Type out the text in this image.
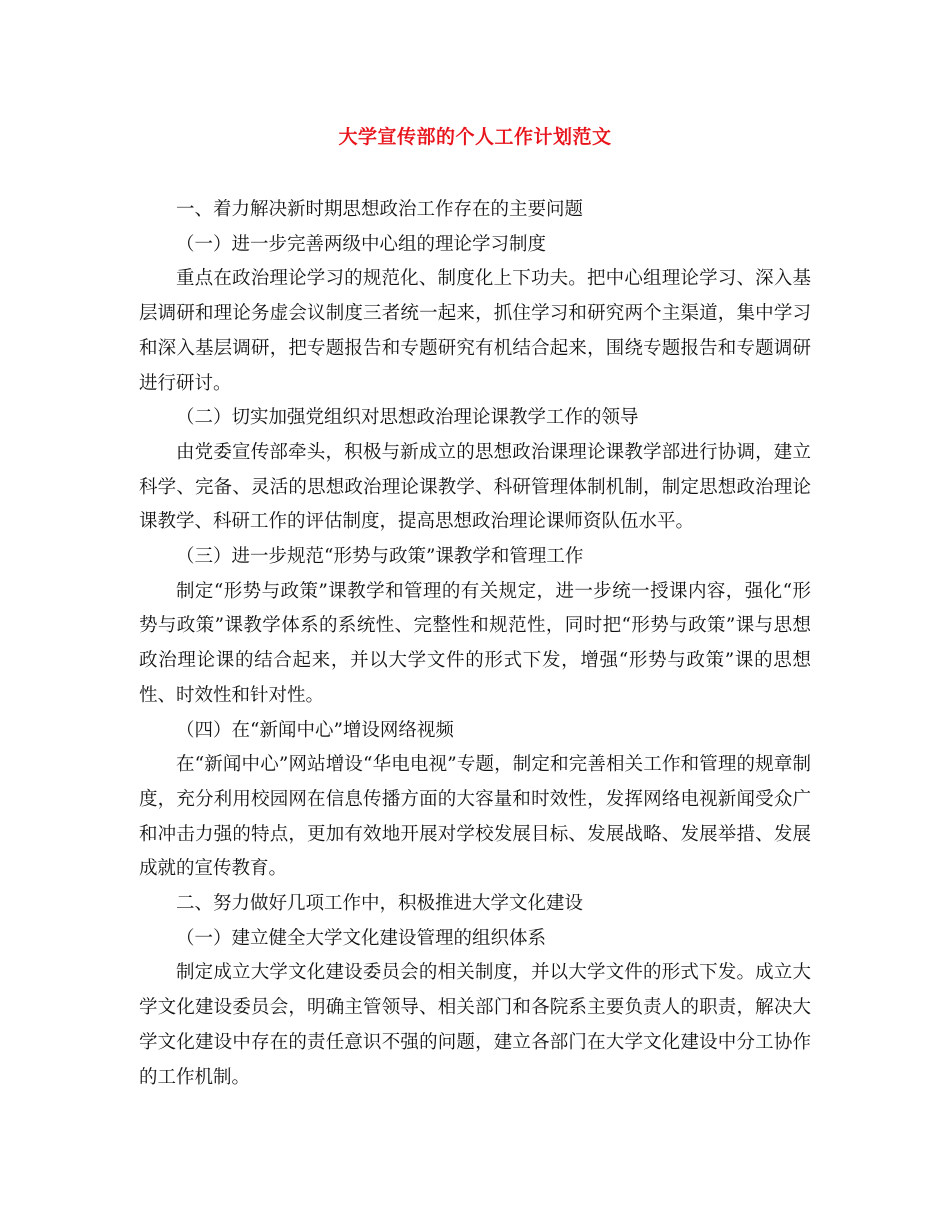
大学宣传部的个人工作计划范文

一、着力解决新时期思想政治工作存在的主要问题

（一）进一步完善两级中心组的理论学习制度

重点在政治理论学习的规范化、制度化上下功夫。把中心组理论学习、深入基层调研和理论务虚会议制度三者统一起来，抓住学习和研究两个主渠道，集中学习和深入基层调研，把专题报告和专题研究有机结合起来，围绕专题报告和专题调研进行研讨。

（二）切实加强党组织对思想政治理论课教学工作的领导

由党委宣传部牵头，积极与新成立的思想政治课理论课教学部进行协调，建立科学、完备、灵活的思想政治理论课教学、科研管理体制机制，制定思想政治理论课教学、科研工作的评估制度，提高思想政治理论课师资队伍水平。

（三）进一步规范“形势与政策”课教学和管理工作

制定“形势与政策”课教学和管理的有关规定，进一步统一授课内容，强化“形势与政策”课教学体系的系统性、完整性和规范性，同时把“形势与政策”课与思想政治理论课的结合起来，并以大学文件的形式下发，增强“形势与政策”课的思想性、时效性和针对性。

（四）在“新闻中心”增设网络视频

在“新闻中心”网站增设“华电电视”专题，制定和完善相关工作和管理的规章制度，充分利用校园网在信息传播方面的大容量和时效性，发挥网络电视新闻受众广和冲击力强的特点，更加有效地开展对学校发展目标、发展战略、发展举措、发展成就的宣传教育。

二、努力做好几项工作中，积极推进大学文化建设

（一）建立健全大学文化建设管理的组织体系

制定成立大学文化建设委员会的相关制度，并以大学文件的形式下发。成立大学文化建设委员会，明确主管领导、相关部门和各院系主要负责人的职责，解决大学文化建设中存在的责任意识不强的问题，建立各部门在大学文化建设中分工协作的工作机制。
